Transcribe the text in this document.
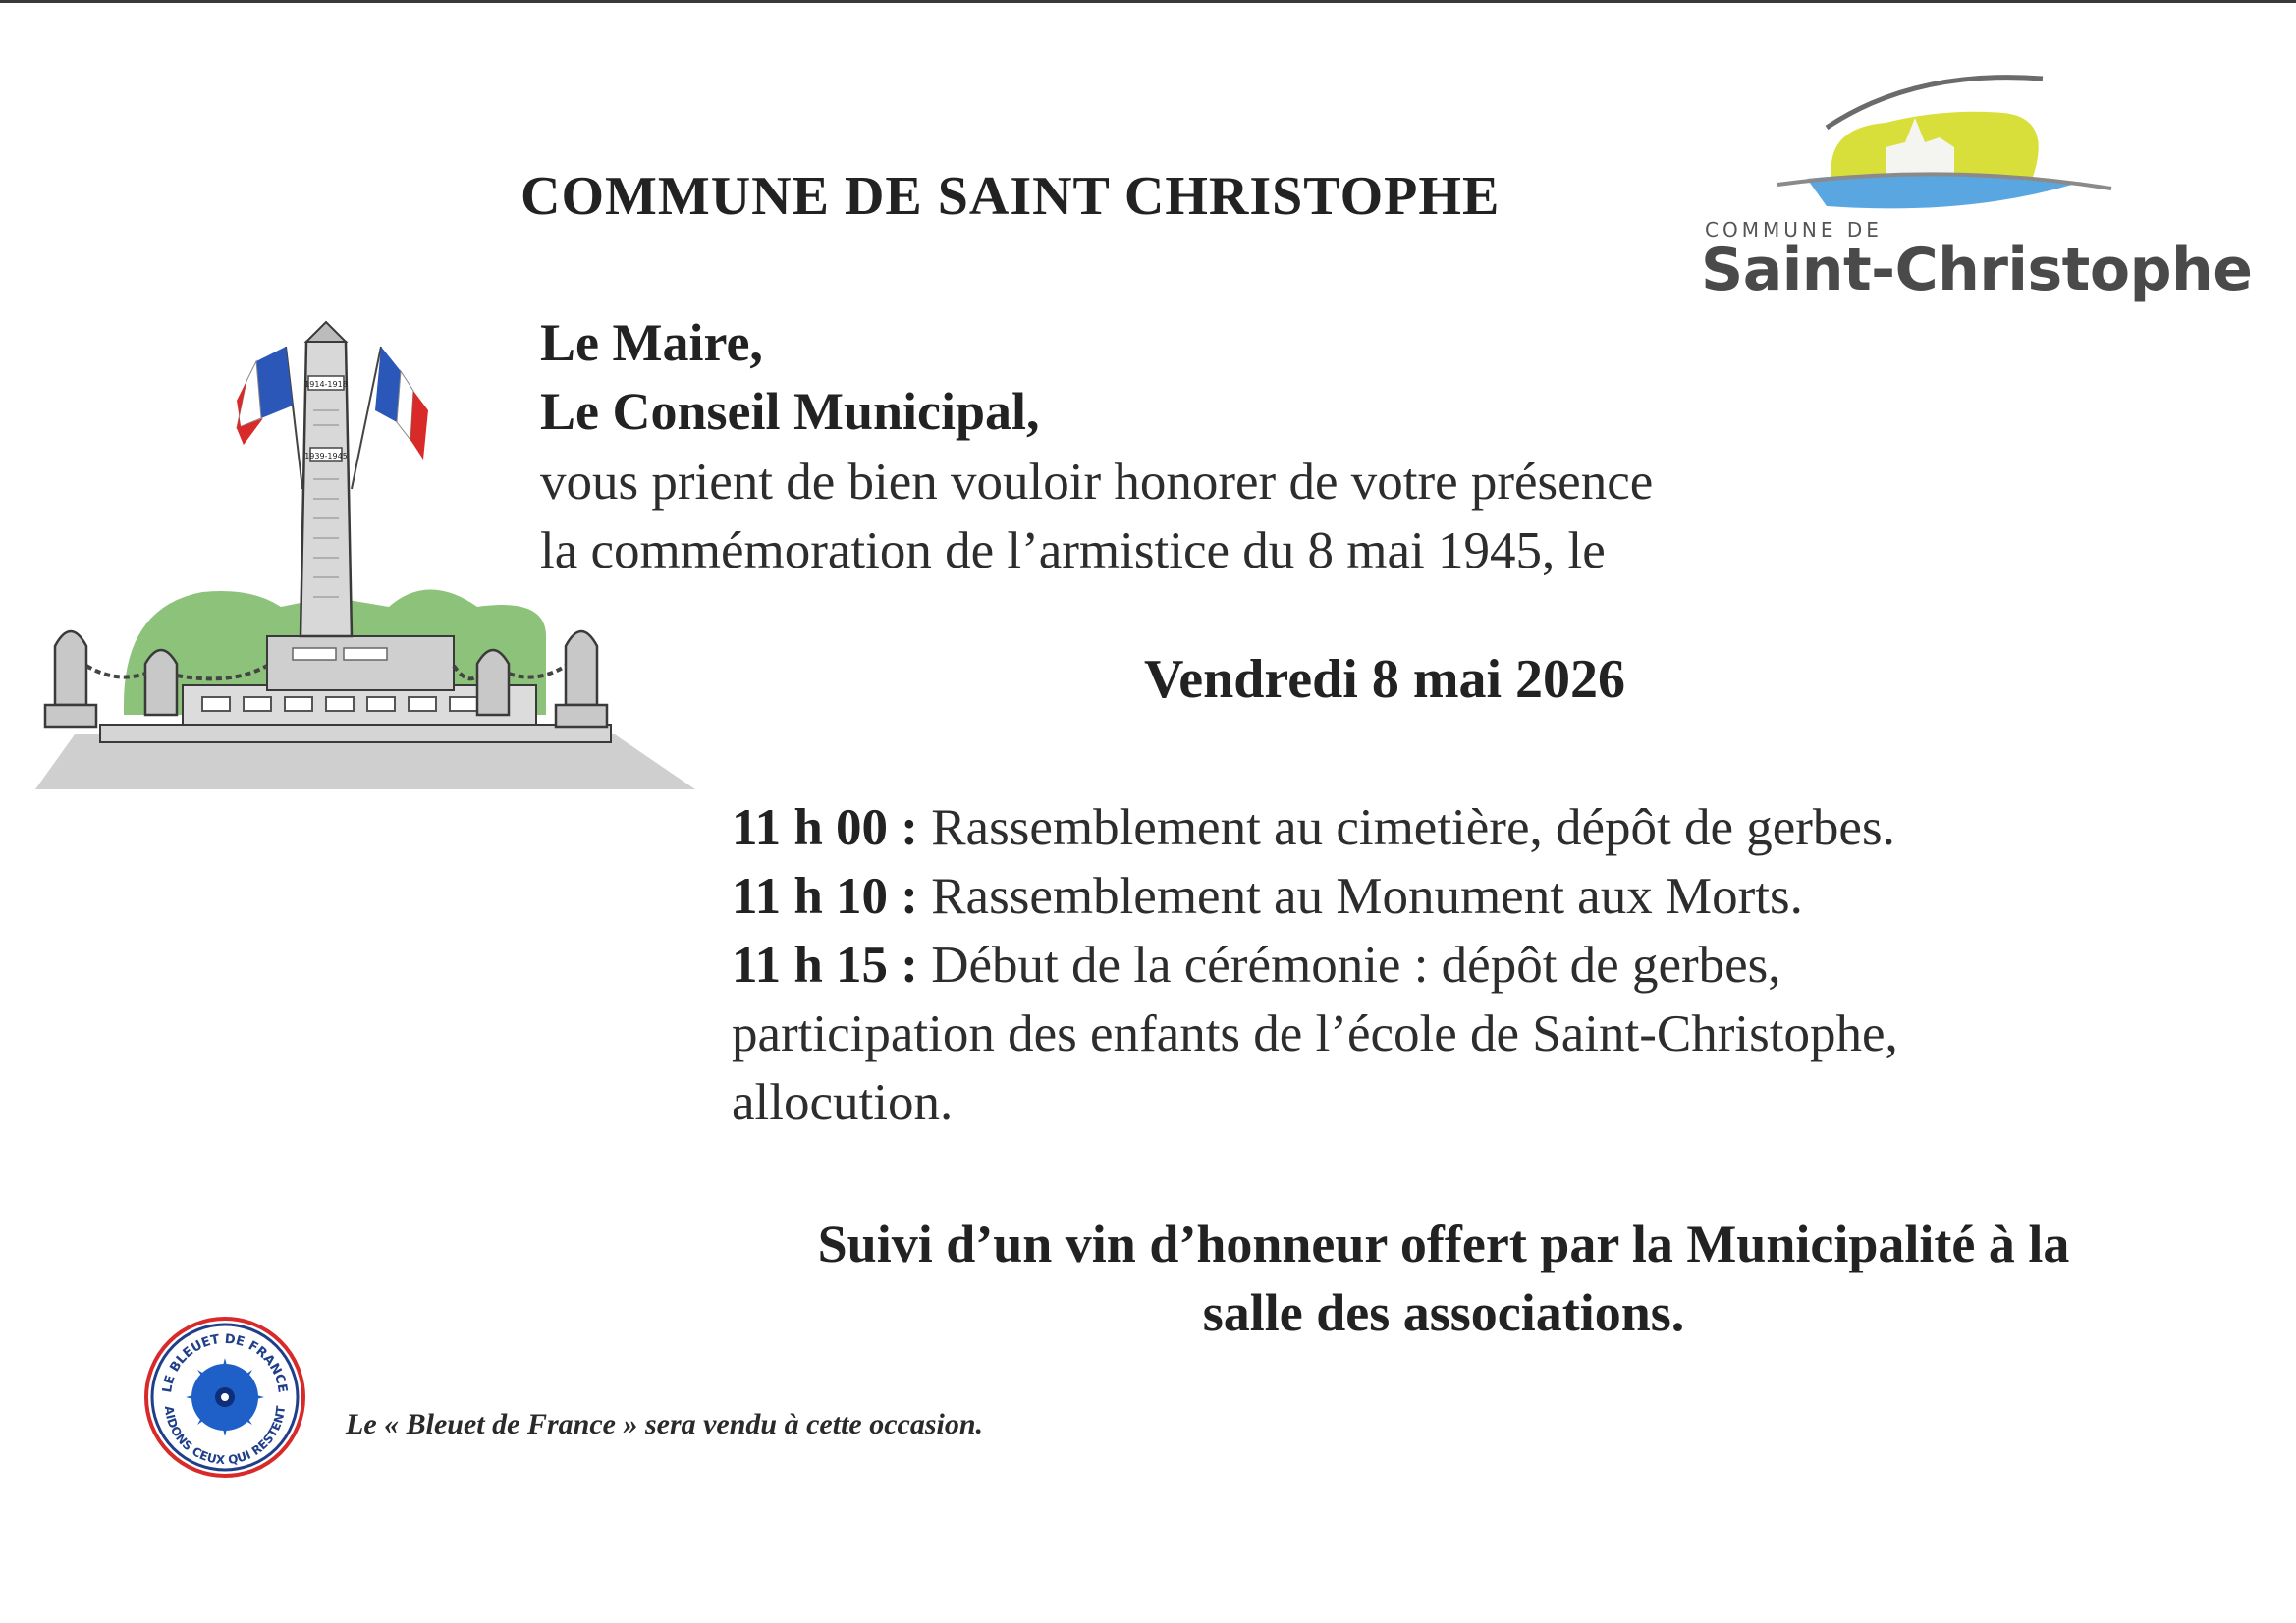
COMMUNE DE SAINT CHRISTOPHE
COMMUNE DE
Saint-Christophe
1914-1918
1939-1945
Le Maire,
Le Conseil Municipal,
vous prient de bien vouloir honorer de votre présence
la commémoration de l’armistice du 8 mai 1945, le
Vendredi 8 mai 2026
11 h 00 : Rassemblement au cimetière, dépôt de gerbes.
11 h 10 : Rassemblement au Monument aux Morts.
11 h 15 : Début de la cérémonie : dépôt de gerbes,
participation des enfants de l’école de Saint-Christophe,
allocution.
Suivi d’un vin d’honneur offert par la Municipalité à la
salle des associations.
LE BLEUET DE FRANCE
AIDONS CEUX QUI RESTENT Le « Bleuet de France » sera vendu à cette occasion.
